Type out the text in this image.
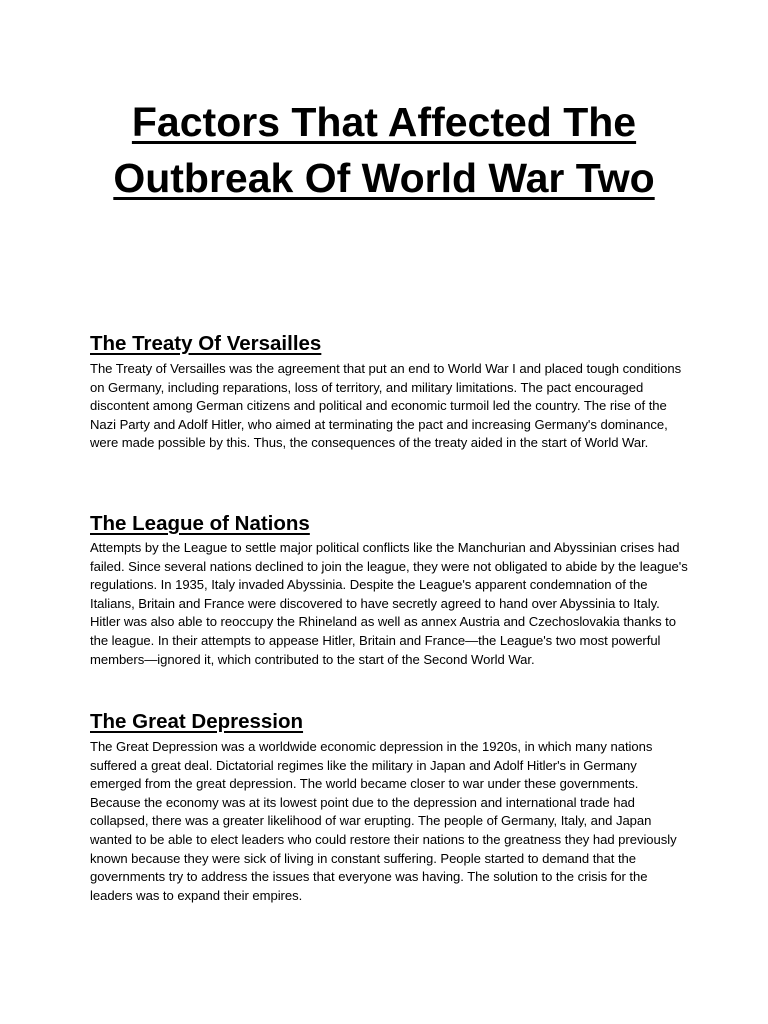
Factors That Affected The Outbreak Of World War Two
The Treaty Of Versailles

The Treaty of Versailles was the agreement that put an end to World War I and placed tough conditions on Germany, including reparations, loss of territory, and military limitations. The pact encouraged discontent among German citizens and political and economic turmoil led the country. The rise of the Nazi Party and Adolf Hitler, who aimed at terminating the pact and increasing Germany's dominance, were made possible by this. Thus, the consequences of the treaty aided in the start of World War.

The League of Nations

Attempts by the League to settle major political conflicts like the Manchurian and Abyssinian crises had failed. Since several nations declined to join the league, they were not obligated to abide by the league's regulations. In 1935, Italy invaded Abyssinia. Despite the League's apparent condemnation of the Italians, Britain and France were discovered to have secretly agreed to hand over Abyssinia to Italy. Hitler was also able to reoccupy the Rhineland as well as annex Austria and Czechoslovakia thanks to the league. In their attempts to appease Hitler, Britain and France—the League's two most powerful members—ignored it, which contributed to the start of the Second World War.

The Great Depression

The Great Depression was a worldwide economic depression in the 1920s, in which many nations suffered a great deal. Dictatorial regimes like the military in Japan and Adolf Hitler's in Germany emerged from the great depression. The world became closer to war under these governments. Because the economy was at its lowest point due to the depression and international trade had collapsed, there was a greater likelihood of war erupting. The people of Germany, Italy, and Japan wanted to be able to elect leaders who could restore their nations to the greatness they had previously known because they were sick of living in constant suffering. People started to demand that the governments try to address the issues that everyone was having. The solution to the crisis for the leaders was to expand their empires.
